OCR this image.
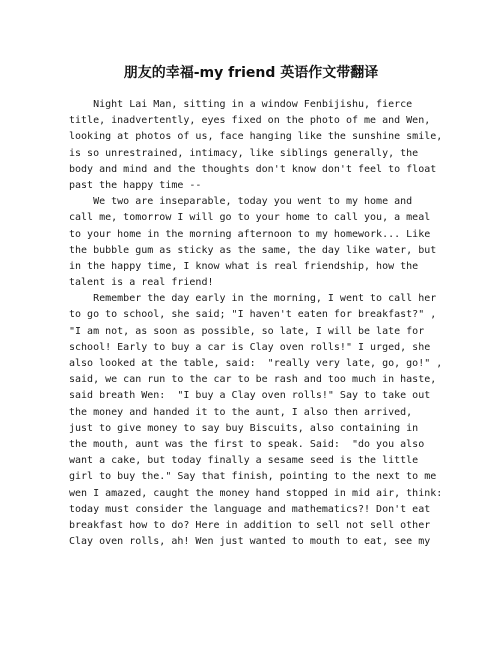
朋友的幸福-my friend 英语作文带翻译
Night Lai Man, sitting in a window Fenbijishu, fierce
title, inadvertently, eyes fixed on the photo of me and Wen,
looking at photos of us, face hanging like the sunshine smile,
is so unrestrained, intimacy, like siblings generally, the
body and mind and the thoughts don't know don't feel to float
past the happy time --
We two are inseparable, today you went to my home and
call me, tomorrow I will go to your home to call you, a meal
to your home in the morning afternoon to my homework... Like
the bubble gum as sticky as the same, the day like water, but
in the happy time, I know what is real friendship, how the
talent is a real friend!
Remember the day early in the morning, I went to call her
to go to school, she said; "I haven't eaten for breakfast?" ,
"I am not, as soon as possible, so late, I will be late for
school! Early to buy a car is Clay oven rolls!" I urged, she
also looked at the table, said:  "really very late, go, go!" ,
said, we can run to the car to be rash and too much in haste,
said breath Wen:  "I buy a Clay oven rolls!" Say to take out
the money and handed it to the aunt, I also then arrived,
just to give money to say buy Biscuits, also containing in
the mouth, aunt was the first to speak. Said:  "do you also
want a cake, but today finally a sesame seed is the little
girl to buy the." Say that finish, pointing to the next to me
wen I amazed, caught the money hand stopped in mid air, think:
today must consider the language and mathematics?! Don't eat
breakfast how to do? Here in addition to sell not sell other
Clay oven rolls, ah! Wen just wanted to mouth to eat, see my
